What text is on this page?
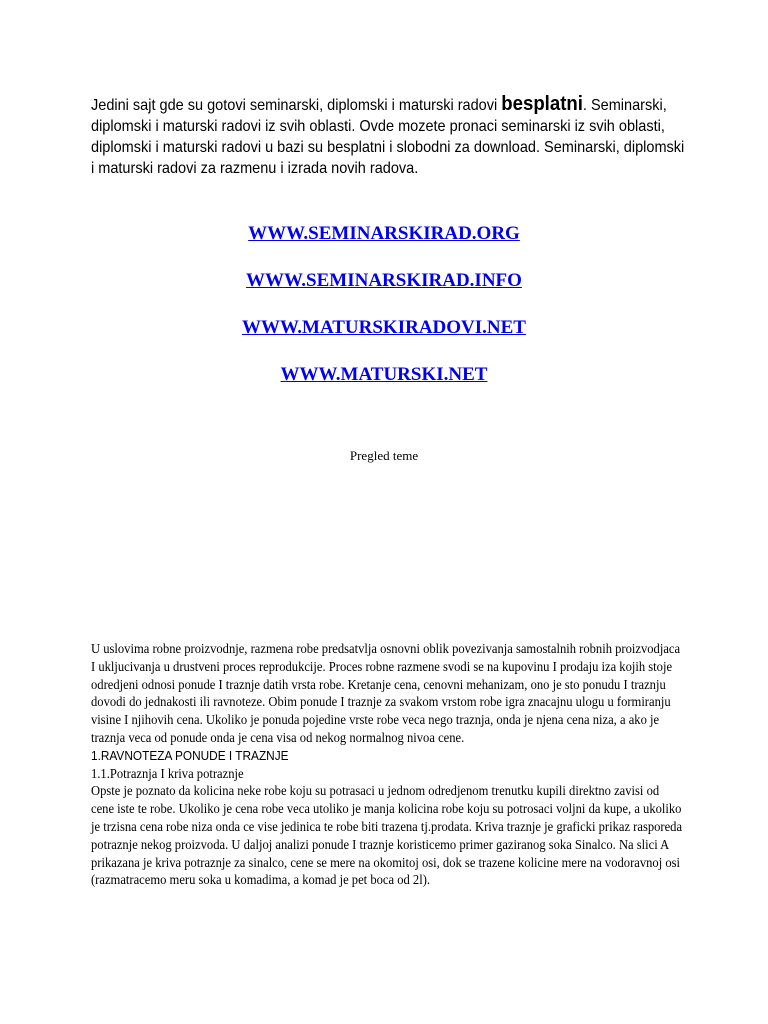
Jedini sajt gde su gotovi seminarski, diplomski i maturski radovi besplatni. Seminarski, diplomski i maturski radovi iz svih oblasti. Ovde mozete pronaci seminarski iz svih oblasti, diplomski i maturski radovi u bazi su besplatni i slobodni za download. Seminarski, diplomski i maturski radovi za razmenu i izrada novih radova.

WWW.SEMINARSKIRAD.ORG
WWW.SEMINARSKIRAD.INFO
WWW.MATURSKIRADOVI.NET
WWW.MATURSKI.NET

Pregled teme

U uslovima robne proizvodnje, razmena robe predsatvlja osnovni oblik povezivanja samostalnih robnih proizvodjaca I ukljucivanja u drustveni proces reprodukcije. Proces robne razmene svodi se na kupovinu I prodaju iza kojih stoje odredjeni odnosi ponude I traznje datih vrsta robe. Kretanje cena, cenovni mehanizam, ono je sto ponudu I traznju dovodi do jednakosti ili ravnoteze. Obim ponude I traznje za svakom vrstom robe igra znacajnu ulogu u formiranju visine I njihovih cena. Ukoliko je ponuda pojedine vrste robe veca nego traznja, onda je njena cena niza, a ako je traznja veca od ponude onda je cena visa od nekog normalnog nivoa cene.

1.RAVNOTEZA PONUDE I TRAZNJE

1.1.Potraznja I kriva potraznje

Opste je poznato da kolicina neke robe koju su potrasaci u jednom odredjenom trenutku kupili direktno zavisi od cene iste te robe. Ukoliko je cena robe veca utoliko je manja kolicina robe koju su potrosaci voljni da kupe, a ukoliko je trzisna cena robe niza onda ce vise jedinica te robe biti trazena tj.prodata. Kriva traznje je graficki prikaz rasporeda potraznje nekog proizvoda. U daljoj analizi ponude I traznje koristicemo primer gaziranog soka Sinalco. Na slici A prikazana je kriva potraznje za sinalco, cene se mere na okomitoj osi, dok se trazene kolicine mere na vodoravnoj osi (razmatracemo meru soka u komadima, a komad je pet boca od 2l).
